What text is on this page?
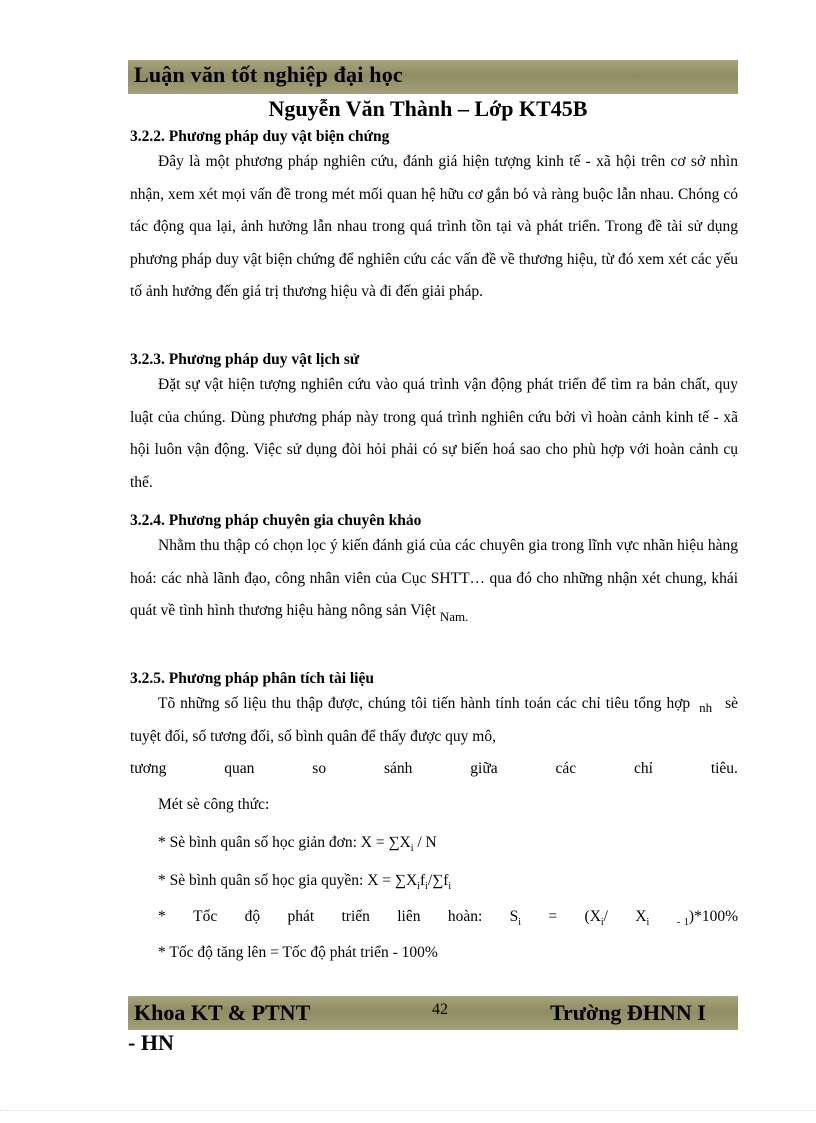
Luận văn tốt nghiệp đại học
Nguyễn Văn Thành – Lớp KT45B
3.2.2. Phương pháp duy vật biện chứng

Đây là một phương pháp nghiên cứu, đánh giá hiện tượng kinh tế - xã hội trên cơ sở nhìn nhận, xem xét mọi vấn đề trong mét mối quan hệ hữu cơ gắn bó và ràng buộc lẫn nhau. Chóng có tác động qua lại, ảnh hưởng lẫn nhau trong quá trình tồn tại và phát triển. Trong đề tài sử dụng phương pháp duy vật biện chứng để nghiên cứu các vấn đề về thương hiệu, từ đó xem xét các yếu tố ảnh hưởng đến giá trị thương hiệu và đi đến giải pháp.

3.2.3. Phương pháp duy vật lịch sử

Đặt sự vật hiện tượng nghiên cứu vào quá trình vận động phát triển để tìm ra bản chất, quy luật của chúng. Dùng phương pháp này trong quá trình nghiên cứu bởi vì hoàn cảnh kinh tế - xã hội luôn vận động. Việc sử dụng đòi hỏi phải có sự biến hoá sao cho phù hợp với hoàn cảnh cụ thể.

3.2.4. Phương pháp chuyên gia chuyên khảo

Nhằm thu thập có chọn lọc ý kiến đánh giá của các chuyên gia trong lĩnh vực nhãn hiệu hàng hoá: các nhà lãnh đạo, công nhân viên của Cục SHTT… qua đó cho những nhận xét chung, khái quát về tình hình thương hiệu hàng nông sản Việt $_{Nam.}$

3.2.5. Phương pháp phân tích tài liệu

Tõ những số liệu thu thập được, chúng tôi tiến hành tính toán các chỉ tiêu tổng hợp $_{nh}$ sè tuyệt đối, số tương đối, số bình quân để thấy được quy mô,

tương	quan	so	sánh	giữa	các	chỉ	tiêu.
Mét sè công thức:
* Sè bình quân số học giản đơn: $X = \sum X_i / N$
* Sè bình quân số học gia quyền: $X = \sum X_if_i/\sum f_i$
* Tốc độ phát triển liên hoàn: $S_i = (X_i/$ $X_i$	$_-$ $_1$)*100%
* Tốc độ tăng lên = Tốc độ phát triển - 100%
Khoa KT & PTNT	42	Trường ĐHNN I
- HN
